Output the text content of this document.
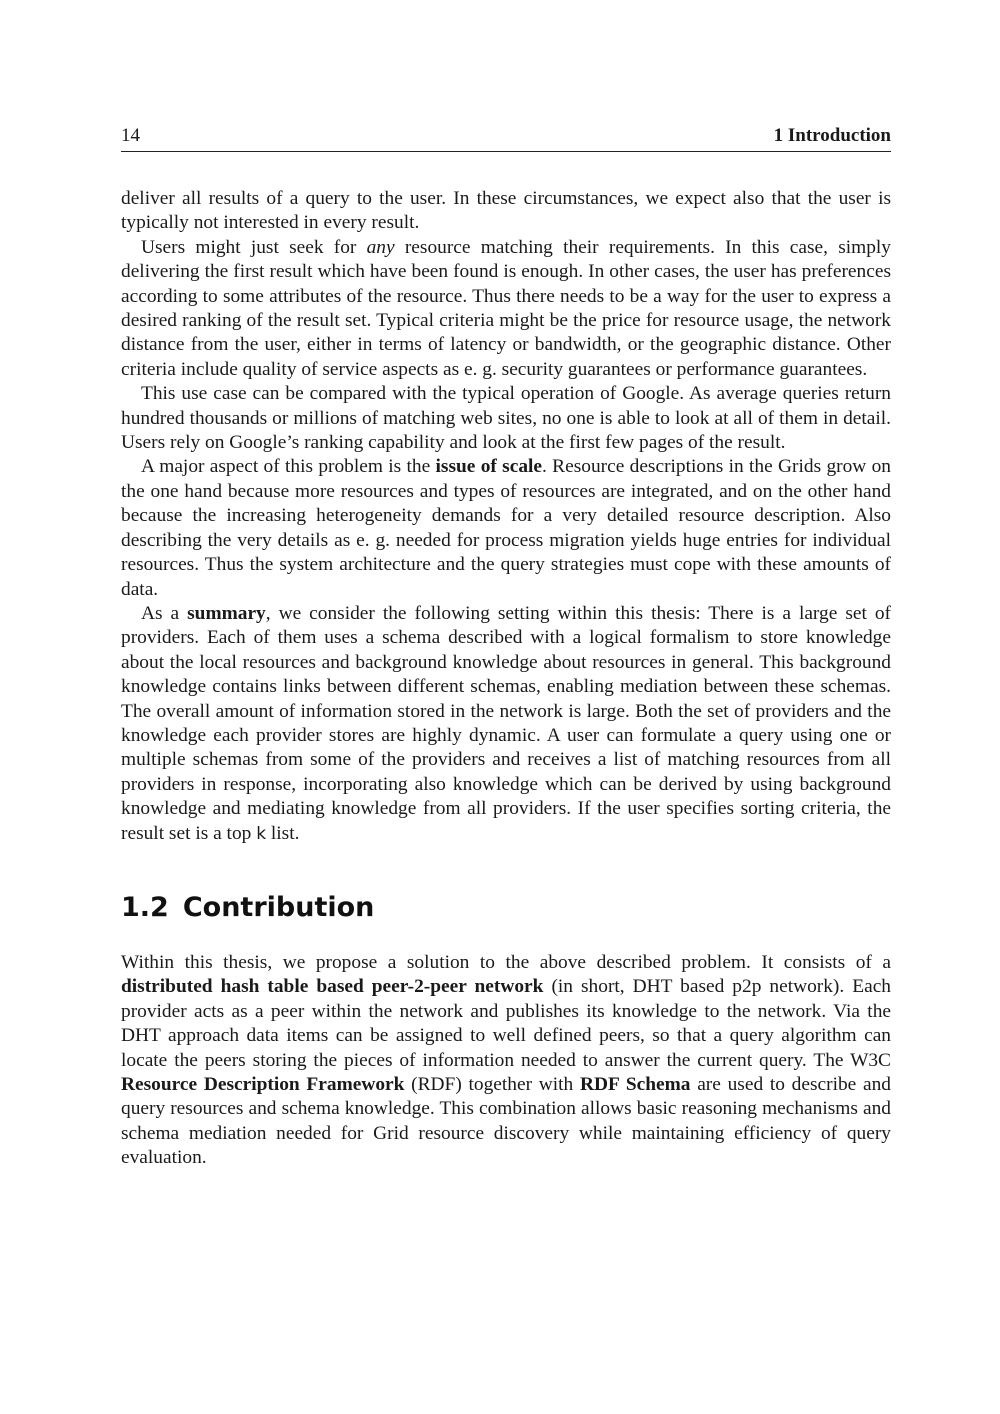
14	1 Introduction

deliver all results of a query to the user. In these circumstances, we expect also that the user is typically not interested in every result.

Users might just seek for any resource matching their requirements. In this case, simply delivering the first result which have been found is enough. In other cases, the user has preferences according to some attributes of the resource. Thus there needs to be a way for the user to express a desired ranking of the result set. Typical criteria might be the price for resource usage, the network distance from the user, either in terms of latency or bandwidth, or the geographic distance. Other criteria include quality of service aspects as e. g. security guarantees or performance guarantees.

This use case can be compared with the typical operation of Google. As average queries return hundred thousands or millions of matching web sites, no one is able to look at all of them in detail. Users rely on Google’s ranking capability and look at the first few pages of the result.

A major aspect of this problem is the issue of scale. Resource descriptions in the Grids grow on the one hand because more resources and types of resources are integrated, and on the other hand because the increasing heterogeneity demands for a very detailed resource description. Also describing the very details as e. g. needed for process migration yields huge entries for individual resources. Thus the system architecture and the query strategies must cope with these amounts of data.

As a summary, we consider the following setting within this thesis: There is a large set of providers. Each of them uses a schema described with a logical formalism to store knowledge about the local resources and background knowledge about resources in general. This background knowledge contains links between different schemas, enabling mediation between these schemas. The overall amount of information stored in the network is large. Both the set of providers and the knowledge each provider stores are highly dynamic. A user can formulate a query using one or multiple schemas from some of the providers and receives a list of matching resources from all providers in response, incorporating also knowledge which can be derived by using background knowledge and mediating knowledge from all providers. If the user specifies sorting criteria, the result set is a top k list.

1.2 Contribution

Within this thesis, we propose a solution to the above described problem. It consists of a distributed hash table based peer-2-peer network (in short, DHT based p2p network). Each provider acts as a peer within the network and publishes its knowledge to the network. Via the DHT approach data items can be assigned to well defined peers, so that a query algorithm can locate the peers storing the pieces of information needed to answer the current query. The W3C Resource Description Framework (RDF) together with RDF Schema are used to describe and query resources and schema knowledge. This combination allows basic reasoning mechanisms and schema mediation needed for Grid resource discovery while maintaining efficiency of query evaluation.
